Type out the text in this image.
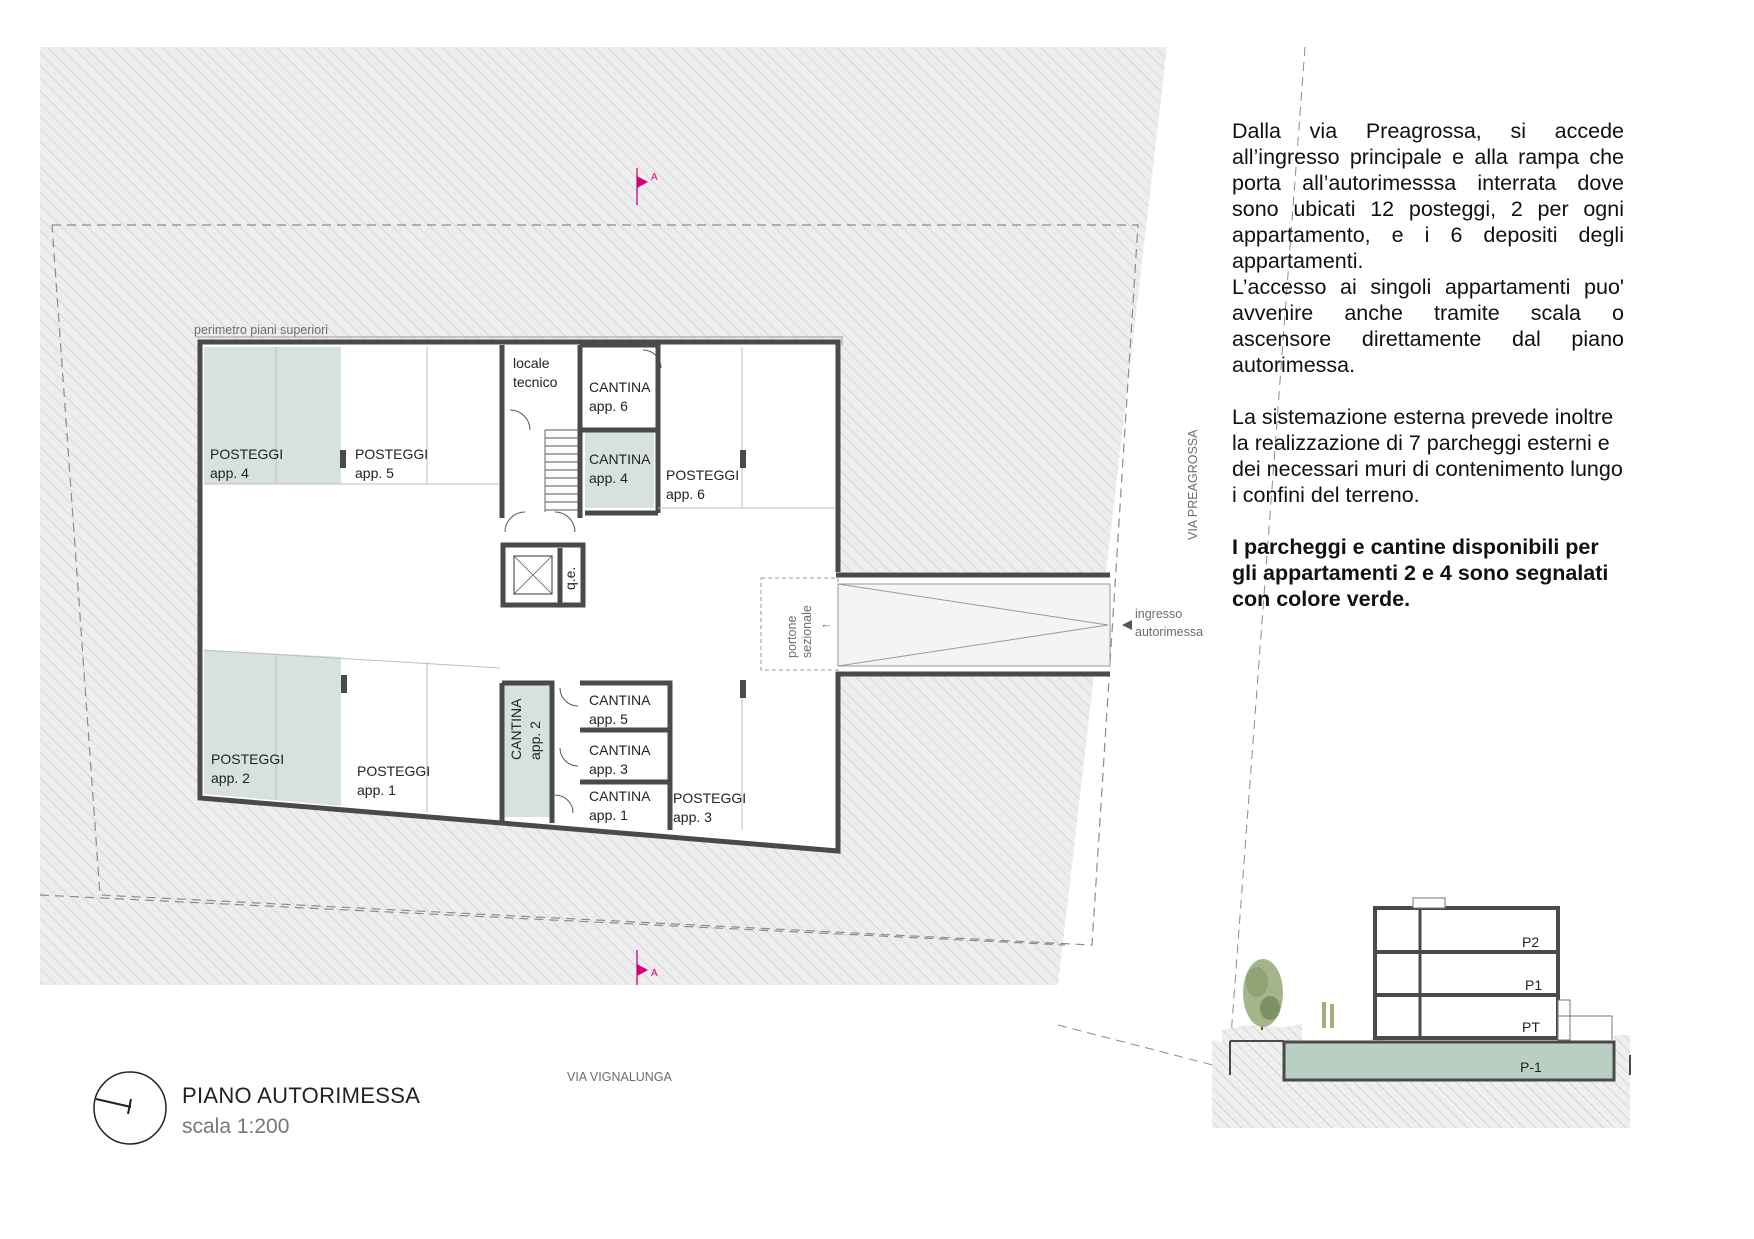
A
A
perimetro piani superiori
locale tecnico
q.e.
POSTEGGI app. 4
POSTEGGI app. 5	POSTEGGI app. 6
POSTEGGI app. 2	POSTEGGI app. 1	POSTEGGI app. 3
CANTINA app. 6
CANTINA app. 4
CANTINA app. 5
CANTINA app. 3
CANTINA app. 1
CANTINA app. 2
portone sezionale ←
ingresso autorimessa
VIA PREAGROSSA
VIA VIGNALUNGA
P2
P1
PT
P-1

Dalla via Preagrossa, si accede all’ingresso principale e alla rampa che porta all’autorimesssa interrata dove sono ubicati 12 posteggi, 2 per ogni appartamento, e i 6 depositi degli appartamenti.

L’accesso ai singoli appartamenti puo' avvenire anche tramite scala o ascensore direttamente dal piano autorimessa.

La sistemazione esterna prevede inoltre la realizzazione di 7 parcheggi esterni e dei necessari muri di contenimento lungo i confini del terreno.

I parcheggi e cantine disponibili per gli appartamenti 2 e 4 sono segnalati con colore verde.

PIANO AUTORIMESSA
scala 1:200
